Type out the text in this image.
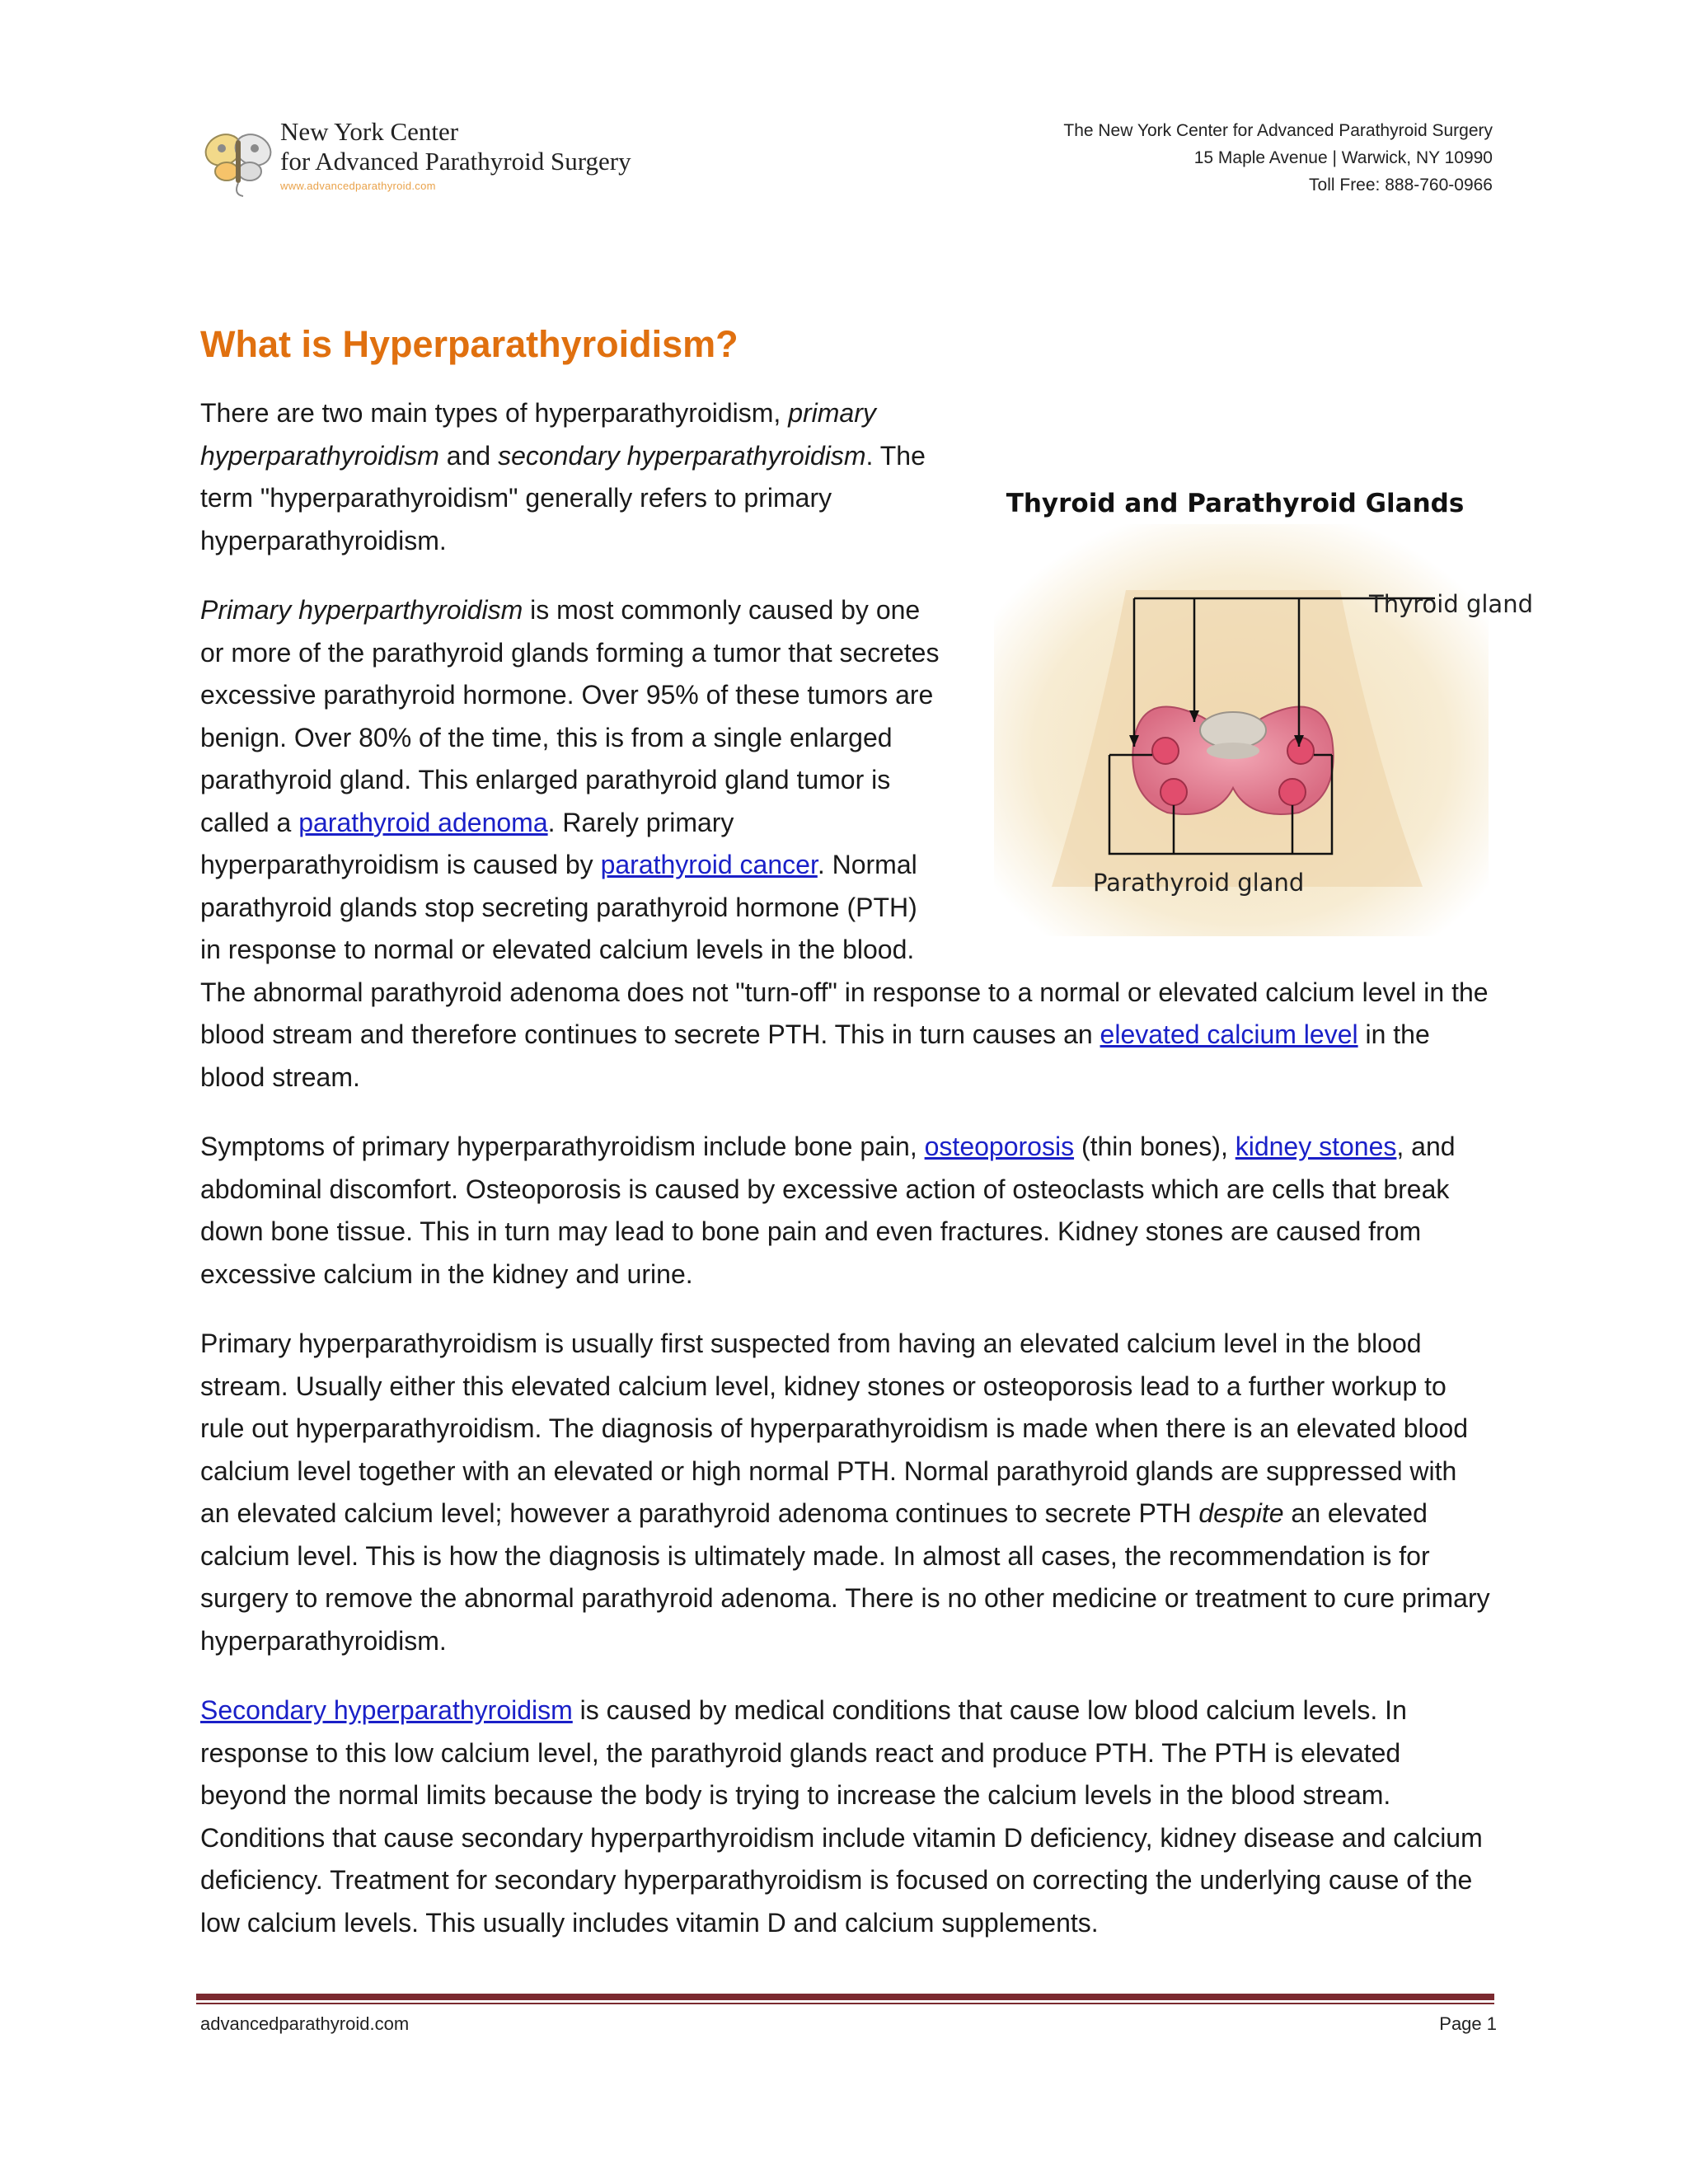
New York Center
for Advanced Parathyroid Surgery
www.advancedparathyroid.com
The New York Center for Advanced Parathyroid Surgery
15 Maple Avenue | Warwick, NY 10990
Toll Free: 888-760-0966
What is Hyperparathyroidism?
Thyroid and Parathyroid Glands
Thyroid gland
Parathyroid gland

There are two main types of hyperparathyroidism, primary hyperparathyroidism and secondary hyperparathyroidism. The term "hyperparathyroidism" generally refers to primary hyperparathyroidism.

Primary hyperparthyroidism is most commonly caused by one or more of the parathyroid glands forming a tumor that secretes excessive parathyroid hormone. Over 95% of these tumors are benign. Over 80% of the time, this is from a single enlarged parathyroid gland. This enlarged parathyroid gland tumor is called a parathyroid adenoma. Rarely primary hyperparathyroidism is caused by parathyroid cancer. Normal parathyroid glands stop secreting parathyroid hormone (PTH) in response to normal or elevated calcium levels in the blood. The abnormal parathyroid adenoma does not "turn-off" in response to a normal or elevated calcium level in the blood stream and therefore continues to secrete PTH. This in turn causes an elevated calcium level in the blood stream.

Symptoms of primary hyperparathyroidism include bone pain, osteoporosis (thin bones), kidney stones, and abdominal discomfort. Osteoporosis is caused by excessive action of osteoclasts which are cells that break down bone tissue. This in turn may lead to bone pain and even fractures. Kidney stones are caused from excessive calcium in the kidney and urine.

Primary hyperparathyroidism is usually first suspected from having an elevated calcium level in the blood stream. Usually either this elevated calcium level, kidney stones or osteoporosis lead to a further workup to rule out hyperparathyroidism. The diagnosis of hyperparathyroidism is made when there is an elevated blood calcium level together with an elevated or high normal PTH. Normal parathyroid glands are suppressed with an elevated calcium level; however a parathyroid adenoma continues to secrete PTH despite an elevated calcium level. This is how the diagnosis is ultimately made. In almost all cases, the recommendation is for surgery to remove the abnormal parathyroid adenoma. There is no other medicine or treatment to cure primary hyperparathyroidism.

Secondary hyperparathyroidism is caused by medical conditions that cause low blood calcium levels. In response to this low calcium level, the parathyroid glands react and produce PTH. The PTH is elevated beyond the normal limits because the body is trying to increase the calcium levels in the blood stream. Conditions that cause secondary hyperparthyroidism include vitamin D deficiency, kidney disease and calcium deficiency. Treatment for secondary hyperparathyroidism is focused on correcting the underlying cause of the low calcium levels. This usually includes vitamin D and calcium supplements.

advancedparathyroid.com	Page 1
